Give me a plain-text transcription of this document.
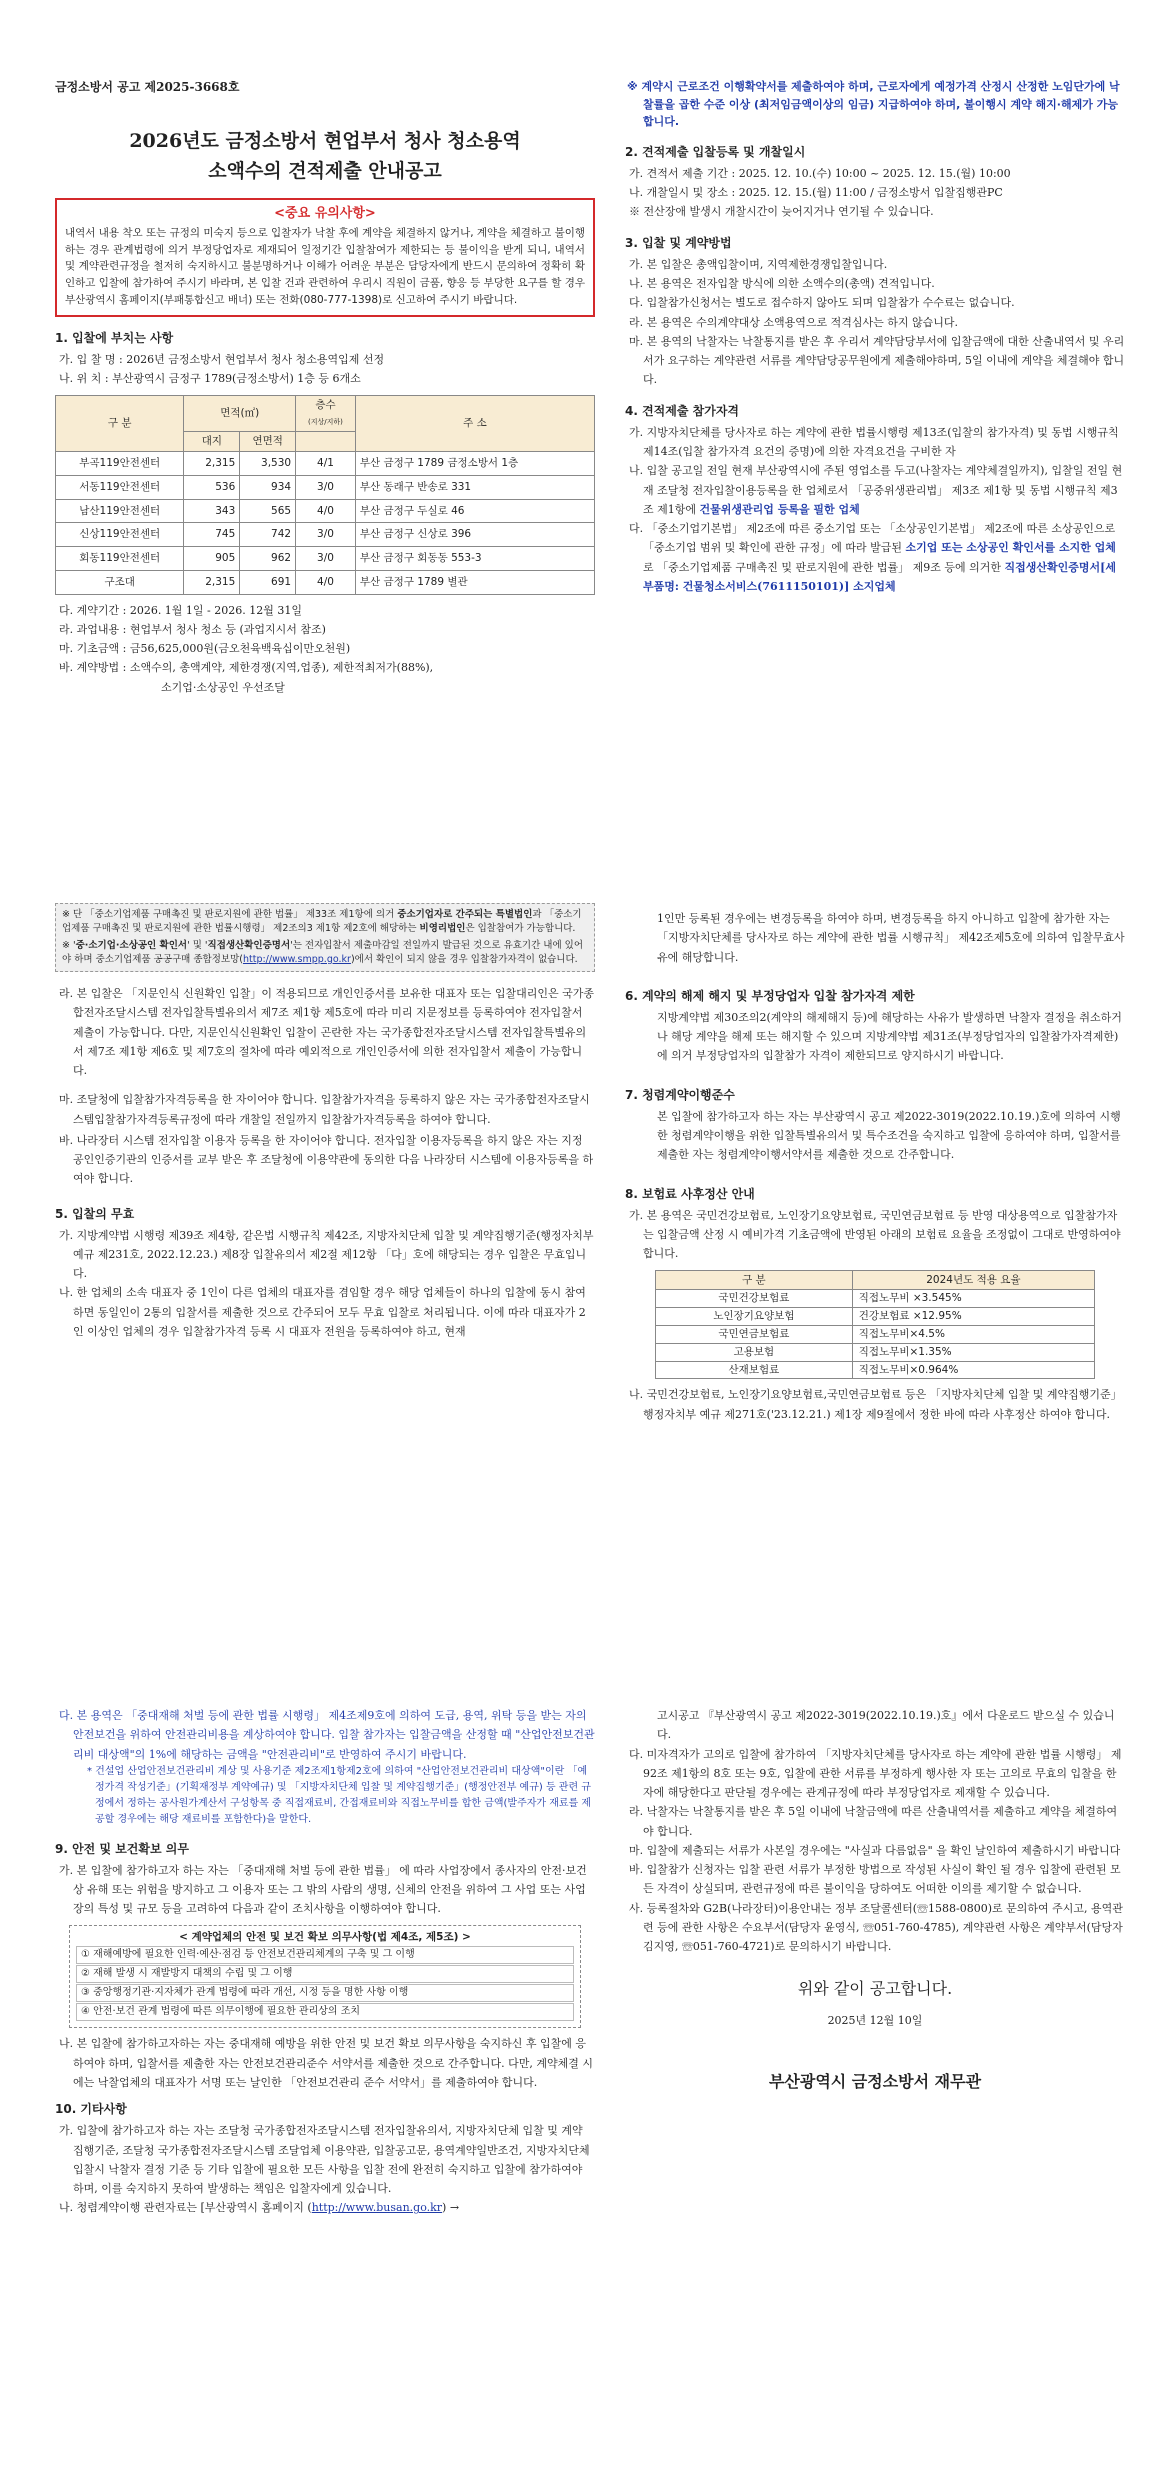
금정소방서 공고 제2025-3668호
2026년도 금정소방서 현업부서 청사 청소용역
소액수의 견적제출 안내공고
<중요 유의사항>
내역서 내용 착오 또는 규정의 미숙지 등으로 입찰자가 낙찰 후에 계약을 체결하지 않거나, 계약을 체결하고 불이행하는 경우 관계법령에 의거 부정당업자로 제재되어 일정기간 입찰참여가 제한되는 등 불이익을 받게 되니, 내역서 및 계약관련규정을 철저히 숙지하시고 불분명하거나 이해가 어려운 부분은 담당자에게 반드시 문의하여 정확히 확인하고 입찰에 참가하여 주시기 바라며, 본 입찰 건과 관련하여 우리시 직원이 금품, 향응 등 부당한 요구를 할 경우 부산광역시 홈페이지(부패통합신고 배너) 또는 전화(080-777-1398)로 신고하여 주시기 바랍니다.
1. 입찰에 부치는 사항
가. 입 찰 명 : 2026년 금정소방서 현업부서 청사 청소용역입제 선정
나. 위 치 : 부산광역시 금정구 1789(금정소방서) 1층 등 6개소
구 분	면적(㎡)		층수
(지상/지하)	주 소
	대지	연면적		
부곡119안전센터	2,315	3,530	4/1	부산 금정구 1789 금정소방서 1층
서동119안전센터	536	934	3/0	부산 동래구 반송로 331
남산119안전센터	343	565	4/0	부산 금정구 두실로 46
신상119안전센터	745	742	3/0	부산 금정구 신상로 396
회동119안전센터	905	962	3/0	부산 금정구 회동동 553-3
구조대	2,315	691	4/0	부산 금정구 1789 별관
다. 계약기간 : 2026. 1월 1일 - 2026. 12월 31일
라. 과업내용 : 현업부서 청사 청소 등 (과업지시서 참조)
마. 기초금액 : 금56,625,000원(금오천육백육십이만오천원)
바. 계약방법 : 소액수의, 총액계약, 제한경쟁(지역,업종), 제한적최저가(88%),
소기업·소상공인 우선조달
※ 계약시 근로조건 이행확약서를 제출하여야 하며, 근로자에게 예정가격 산정시 산정한 노임단가에 낙찰률을 곱한 수준 이상 (최저임금액이상의 임금) 지급하여야 하며, 불이행시 계약 해지·해제가 가능합니다.
2. 견적제출 입찰등록 및 개찰일시
가. 견적서 제출 기간 : 2025. 12. 10.(수) 10:00 ~ 2025. 12. 15.(월) 10:00
나. 개찰일시 및 장소 : 2025. 12. 15.(월) 11:00 / 금정소방서 입찰집행관PC
※ 전산장애 발생시 개찰시간이 늦어지거나 연기될 수 있습니다.
3. 입찰 및 계약방법
가. 본 입찰은 총액입찰이며, 지역제한경쟁입찰입니다.
나. 본 용역은 전자입찰 방식에 의한 소액수의(총액) 견적입니다.
다. 입찰참가신청서는 별도로 접수하지 않아도 되며 입찰참가 수수료는 없습니다.
라. 본 용역은 수의계약대상 소액용역으로 적격심사는 하지 않습니다.
마. 본 용역의 낙찰자는 낙찰통지를 받은 후 우리서 계약담당부서에 입찰금액에 대한 산출내역서 및 우리서가 요구하는 계약관련 서류를 계약담당공무원에게 제출해야하며, 5일 이내에 계약을 체결해야 합니다.
4. 견적제출 참가자격
가. 지방자치단체를 당사자로 하는 계약에 관한 법률시행령 제13조(입찰의 참가자격) 및 동법 시행규칙 제14조(입찰 참가자격 요건의 증명)에 의한 자격요건을 구비한 자
나. 입찰 공고일 전일 현재 부산광역시에 주된 영업소를 두고(나찰자는 계약체결일까지), 입찰일 전일 현재 조달청 전자입찰이용등록을 한 업체로서 「공중위생관리법」 제3조 제1항 및 동법 시행규칙 제3조 제1항에 건물위생관리업 등록을 필한 업체
다. 「중소기업기본법」 제2조에 따른 중소기업 또는 「소상공인기본법」 제2조에 따른 소상공인으로 「중소기업 범위 및 확인에 관한 규정」에 따라 발급된 소기업 또는 소상공인 확인서를 소지한 업체로 「중소기업제품 구매촉진 및 판로지원에 관한 법률」 제9조 등에 의거한 직접생산확인증명서[세부품명: 건물청소서비스(7611150101)] 소지업체
※ 단 「중소기업제품 구매촉진 및 판로지원에 관한 법률」 제33조 제1항에 의거 중소기업자로 간주되는 특별법인과 「중소기업제품 구매촉진 및 판로지원에 관한 법률시행령」 제2조의3 제1항 제2호에 해당하는 비영리법인은 입찰참여가 가능합니다.
※ '중·소기업·소상공인 확인서' 및 '직접생산확인증명서'는 전자입찰서 제출마감일 전일까지 발급된 것으로 유효기간 내에 있어야 하며 중소기업제품 공공구매 종합정보망(http://www.smpp.go.kr)에서 확인이 되지 않을 경우 입찰참가자격이 없습니다.
라. 본 입찰은 「지문인식 신원확인 입찰」이 적용되므로 개인인증서를 보유한 대표자 또는 입찰대리인은 국가종합전자조달시스템 전자입찰특별유의서 제7조 제1항 제5호에 따라 미리 지문정보를 등록하여야 전자입찰서 제출이 가능합니다. 다만, 지문인식신원확인 입찰이 곤란한 자는 국가종합전자조달시스템 전자입찰특별유의서 제7조 제1항 제6호 및 제7호의 절차에 따라 예외적으로 개인인증서에 의한 전자입찰서 제출이 가능합니다.
마. 조달청에 입찰참가자격등록을 한 자이어야 합니다. 입찰참가자격을 등록하지 않은 자는 국가종합전자조달시스템입찰참가자격등록규정에 따라 개찰일 전일까지 입찰참가자격등록을 하여야 합니다.
바. 나라장터 시스템 전자입찰 이용자 등록을 한 자이어야 합니다. 전자입찰 이용자등록을 하지 않은 자는 지정 공인인증기관의 인증서를 교부 받은 후 조달청에 이용약관에 동의한 다음 나라장터 시스템에 이용자등록을 하여야 합니다.
5. 입찰의 무효
가. 지방계약법 시행령 제39조 제4항, 같은법 시행규칙 제42조, 지방자치단체 입찰 및 계약집행기준(행정자치부 예규 제231호, 2022.12.23.) 제8장 입찰유의서 제2절 제12항 「다」호에 해당되는 경우 입찰은 무효입니다.
나. 한 업체의 소속 대표자 중 1인이 다른 업체의 대표자를 겸임할 경우 해당 업체들이 하나의 입찰에 동시 참여하면 동일인이 2통의 입찰서를 제출한 것으로 간주되어 모두 무효 입찰로 처리됩니다. 이에 따라 대표자가 2인 이상인 업체의 경우 입찰참가자격 등록 시 대표자 전원을 등록하여야 하고, 현재
1인만 등록된 경우에는 변경등록을 하여야 하며, 변경등록을 하지 아니하고 입찰에 참가한 자는 「지방자치단체를 당사자로 하는 계약에 관한 법률 시행규칙」 제42조제5호에 의하여 입찰무효사유에 해당합니다.
6. 계약의 해제 해지 및 부정당업자 입찰 참가자격 제한
지방계약법 제30조의2(계약의 해제해지 등)에 해당하는 사유가 발생하면 낙찰자 결정을 취소하거나 해당 계약을 해제 또는 해지할 수 있으며 지방계약법 제31조(부정당업자의 입찰참가자격제한)에 의거 부정당업자의 입찰참가 자격이 제한되므로 양지하시기 바랍니다.
7. 청렴계약이행준수
본 입찰에 참가하고자 하는 자는 부산광역시 공고 제2022-3019(2022.10.19.)호에 의하여 시행한 청렴계약이행을 위한 입찰특별유의서 및 특수조건을 숙지하고 입찰에 응하여야 하며, 입찰서를 제출한 자는 청렴계약이행서약서를 제출한 것으로 간주합니다.
8. 보험료 사후정산 안내
가. 본 용역은 국민건강보험료, 노인장기요양보험료, 국민연금보험료 등 반영 대상용역으로 입찰참가자는 입찰금액 산정 시 예비가격 기초금액에 반영된 아래의 보험료 요율을 조정없이 그대로 반영하여야 합니다.
구 분	2024년도 적용 요율
국민건강보험료	직접노무비 ×3.545%
노인장기요양보험	건강보험료 ×12.95%
국민연금보험료	직접노무비×4.5%
고용보험	직접노무비×1.35%
산재보험료	직접노무비×0.964%
나. 국민건강보험료, 노인장기요양보험료,국민연금보험료 등은 「지방자치단체 입찰 및 계약집행기준」 행정자치부 예규 제271호('23.12.21.) 제1장 제9절에서 정한 바에 따라 사후정산 하여야 합니다.
다. 본 용역은 「중대재해 처벌 등에 관한 법률 시행령」 제4조제9호에 의하여 도급, 용역, 위탁 등을 받는 자의 안전보건을 위하여 안전관리비용을 계상하여야 합니다. 입찰 참가자는 입찰금액을 산정할 때 "산업안전보건관리비 대상액"의 1%에 해당하는 금액을 "안전관리비"로 반영하여 주시기 바랍니다.
* 건설업 산업안전보건관리비 계상 및 사용기준 제2조제1항제2호에 의하여 "산업안전보건관리비 대상액"이란 「예정가격 작성기준」(기획재정부 계약예규) 및 「지방자치단체 입찰 및 계약집행기준」(행정안전부 예규) 등 관련 규정에서 정하는 공사원가계산서 구성항목 중 직접재료비, 간접재료비와 직접노무비를 합한 금액(발주자가 재료를 제공할 경우에는 해당 재료비를 포함한다)을 말한다.
9. 안전 및 보건확보 의무
가. 본 입찰에 참가하고자 하는 자는 「중대재해 처벌 등에 관한 법률」 에 따라 사업장에서 종사자의 안전·보건상 유해 또는 위험을 방지하고 그 이용자 또는 그 밖의 사람의 생명, 신체의 안전을 위하여 그 사업 또는 사업장의 특성 및 규모 등을 고려하여 다음과 같이 조치사항을 이행하여야 합니다.
< 계약업체의 안전 및 보건 확보 의무사항(법 제4조, 제5조) >
① 재해예방에 필요한 인력·예산·점검 등 안전보건관리체계의 구축 및 그 이행
② 재해 발생 시 재발방지 대책의 수립 및 그 이행
③ 중앙행정기관·지자체가 관계 법령에 따라 개선, 시정 등을 명한 사항 이행
④ 안전·보건 관계 법령에 따른 의무이행에 필요한 관리상의 조치
나. 본 입찰에 참가하고자하는 자는 중대재해 예방을 위한 안전 및 보건 확보 의무사항을 숙지하신 후 입찰에 응하여야 하며, 입찰서를 제출한 자는 안전보건관리준수 서약서를 제출한 것으로 간주합니다. 다만, 계약체결 시에는 낙찰업체의 대표자가 서명 또는 날인한 「안전보건관리 준수 서약서」를 제출하여야 합니다.
10. 기타사항
가. 입찰에 참가하고자 하는 자는 조달청 국가종합전자조달시스템 전자입찰유의서, 지방자치단체 입찰 및 계약 집행기준, 조달청 국가종합전자조달시스템 조달업체 이용약관, 입찰공고문, 용역계약일반조건, 지방자치단체 입찰시 낙찰자 결정 기준 등 기타 입찰에 필요한 모든 사항을 입찰 전에 완전히 숙지하고 입찰에 참가하여야 하며, 이를 숙지하지 못하여 발생하는 책임은 입찰자에게 있습니다.
나. 청렴계약이행 관련자료는 [부산광역시 홈페이지 (http://www.busan.go.kr) →
고시공고 『부산광역시 공고 제2022-3019(2022.10.19.)호』에서 다운로드 받으실 수 있습니다.
다. 미자격자가 고의로 입찰에 참가하여 「지방자치단체를 당사자로 하는 계약에 관한 법률 시행령」 제92조 제1항의 8호 또는 9호, 입찰에 관한 서류를 부정하게 행사한 자 또는 고의로 무효의 입찰을 한 자에 해당한다고 판단될 경우에는 관계규정에 따라 부정당업자로 제재할 수 있습니다.
라. 낙찰자는 낙찰통지를 받은 후 5일 이내에 낙찰금액에 따른 산출내역서를 제출하고 계약을 체결하여야 합니다.
마. 입찰에 제출되는 서류가 사본일 경우에는 "사실과 다름없음" 을 확인 날인하여 제출하시기 바랍니다
바. 입찰참가 신청자는 입찰 관련 서류가 부정한 방법으로 작성된 사실이 확인 될 경우 입찰에 관련된 모든 자격이 상실되며, 관련규정에 따른 불이익을 당하여도 어떠한 이의를 제기할 수 없습니다.
사. 등록절차와 G2B(나라장터)이용안내는 정부 조달콜센터(☏1588-0800)로 문의하여 주시고, 용역관련 등에 관한 사항은 수요부서(담당자 윤영식, ☏051-760-4785), 계약관련 사항은 계약부서(담당자 김지영, ☏051-760-4721)로 문의하시기 바랍니다.
위와 같이 공고합니다.
2025년 12월 10일
부산광역시 금정소방서 재무관
